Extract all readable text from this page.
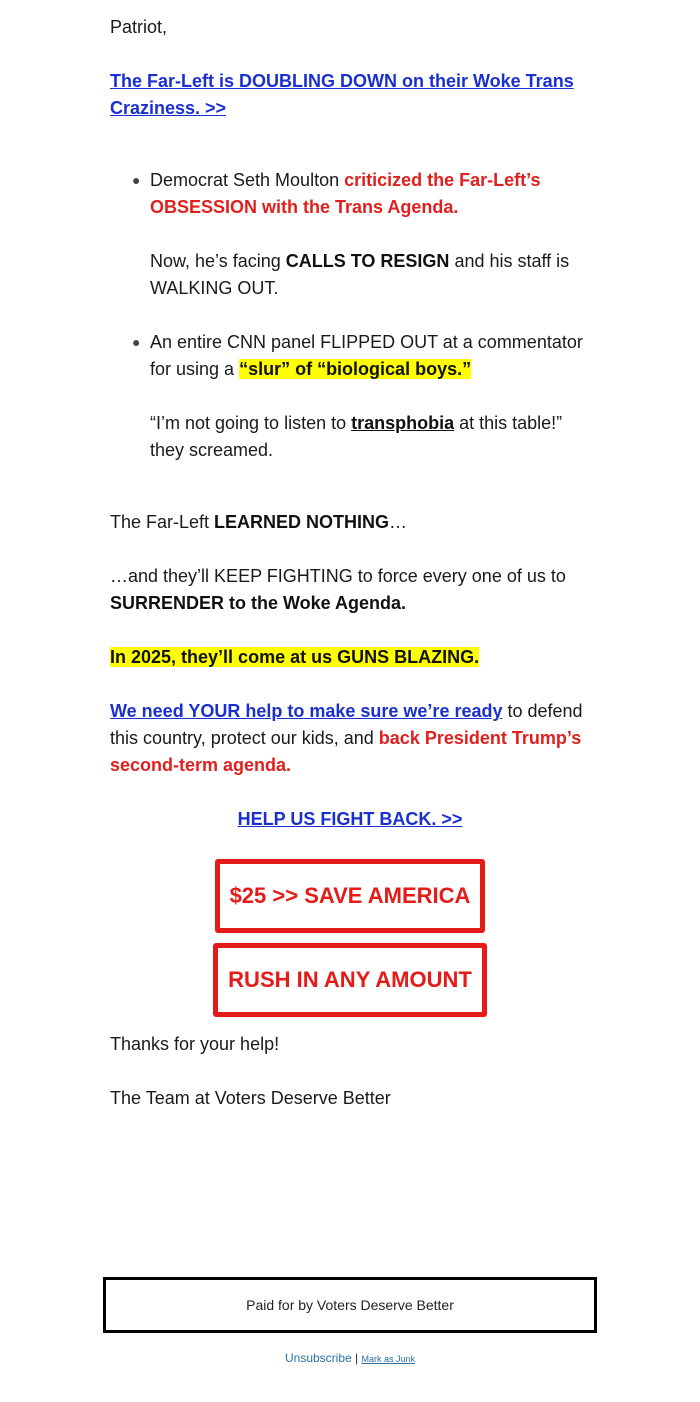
Patriot,

The Far-Left is DOUBLING DOWN on their Woke Trans Craziness. >>
● Democrat Seth Moulton criticized the Far-Left’s OBSESSION with the Trans Agenda.

Now, he’s facing CALLS TO RESIGN and his staff is WALKING OUT.

● An entire CNN panel FLIPPED OUT at a commentator for using a “slur” of “biological boys.”

“I’m not going to listen to transphobia at this table!” they screamed.

The Far-Left LEARNED NOTHING…

…and they’ll KEEP FIGHTING to force every one of us to SURRENDER to the Woke Agenda.

In 2025, they’ll come at us GUNS BLAZING.

We need YOUR help to make sure we’re ready to defend this country, protect our kids, and back President Trump’s second-term agenda.

HELP US FIGHT BACK. >>
$25 >> SAVE AMERICA
RUSH IN ANY AMOUNT

Thanks for your help!

The Team at Voters Deserve Better

Paid for by Voters Deserve Better
Unsubscribe | Mark as Junk
